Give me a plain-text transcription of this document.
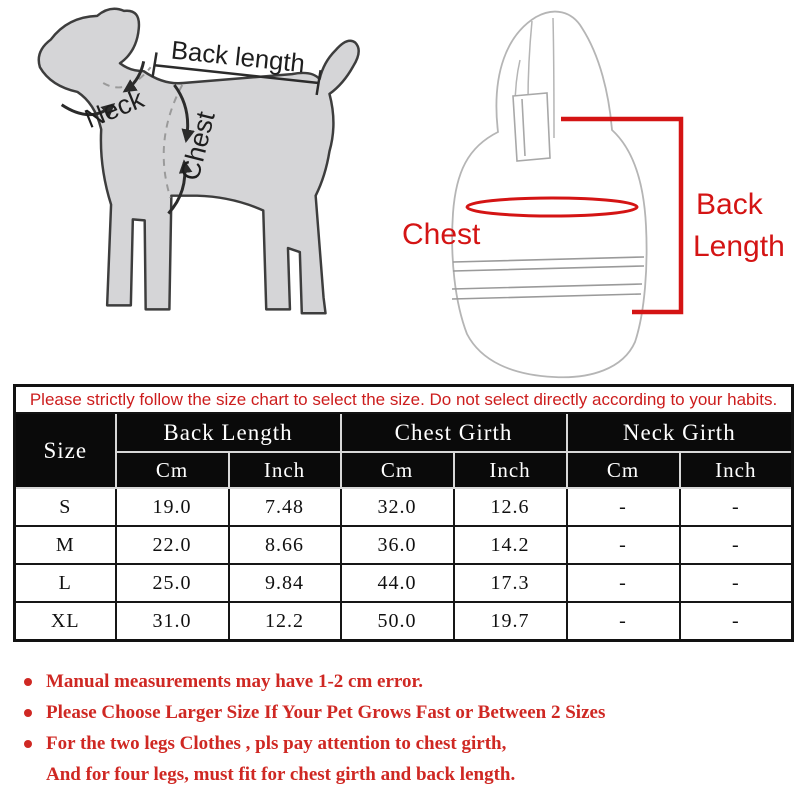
Back length
Neck Chest
Chest
Back
Length
Please strictly follow the size chart to select the size. Do not select directly according to your habits.						
Size	Back Length		Chest Girth		Neck Girth	
	Cm	Inch	Cm	Inch	Cm	Inch
S	19.0	7.48	32.0	12.6	-	-
M	22.0	8.66	36.0	14.2	-	-
L	25.0	9.84	44.0	17.3	-	-
XL	31.0	12.2	50.0	19.7	-	-
Manual measurements may have 1-2 cm error.
Please Choose Larger Size If Your Pet Grows Fast or Between 2 Sizes
For the two legs Clothes , pls pay attention to chest girth,
And for four legs, must fit for chest girth and back length.
